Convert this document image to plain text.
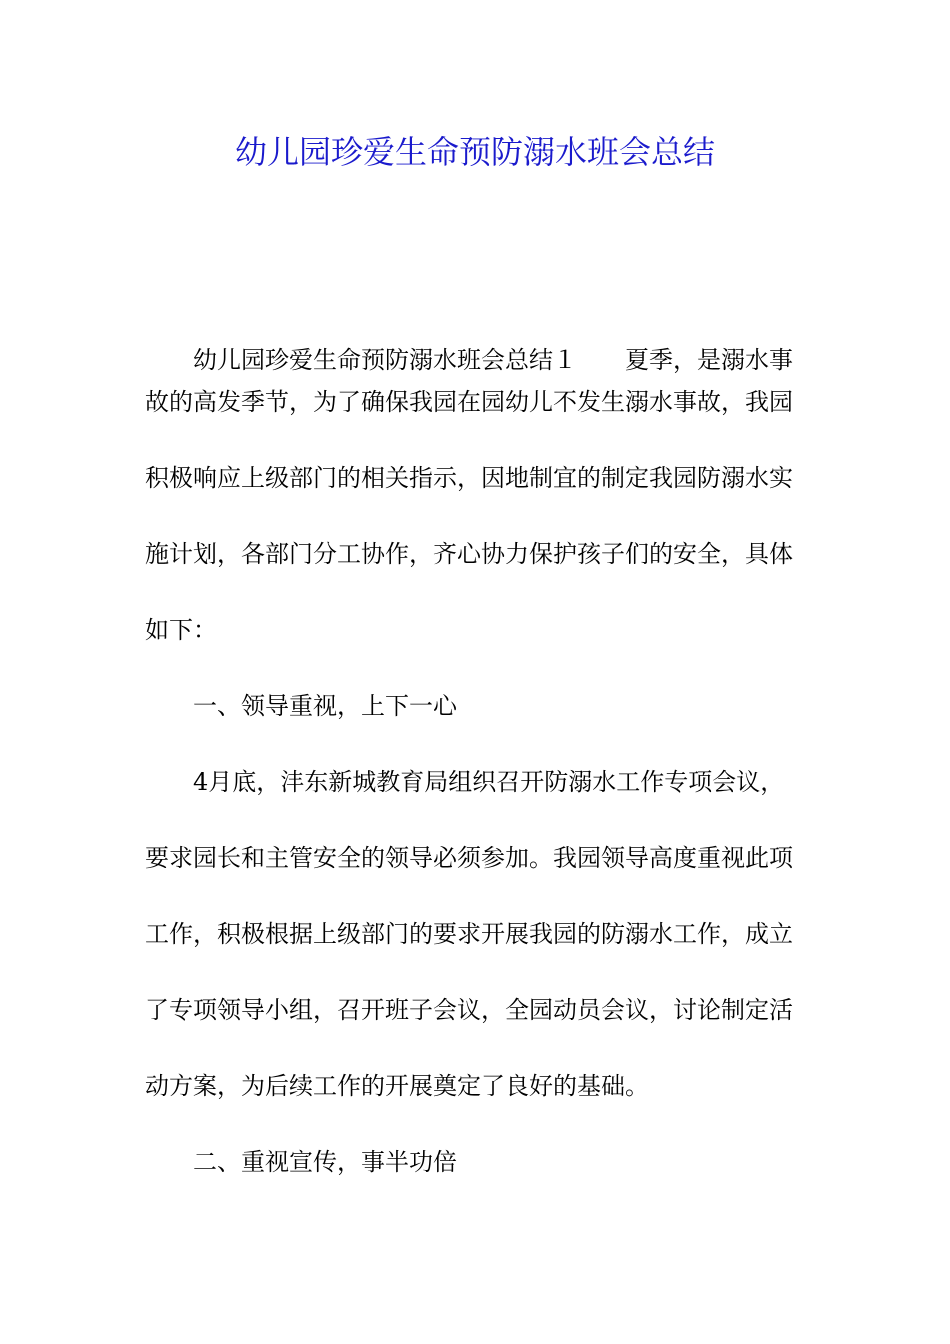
幼儿园珍爱生命预防溺水班会总结
幼儿园珍爱生命预防溺水班会总结１ 夏季，是溺水事

故的高发季节，为了确保我园在园幼儿不发生溺水事故，我园

积极响应上级部门的相关指示，因地制宜的制定我园防溺水实

施计划，各部门分工协作，齐心协力保护孩子们的安全，具体

如下：

一、领导重视，上下一心

4月底，沣东新城教育局组织召开防溺水工作专项会议，

要求园长和主管安全的领导必须参加。我园领导高度重视此项

工作，积极根据上级部门的要求开展我园的防溺水工作，成立

了专项领导小组，召开班子会议，全园动员会议，讨论制定活

动方案，为后续工作的开展奠定了良好的基础。

二、重视宣传，事半功倍
